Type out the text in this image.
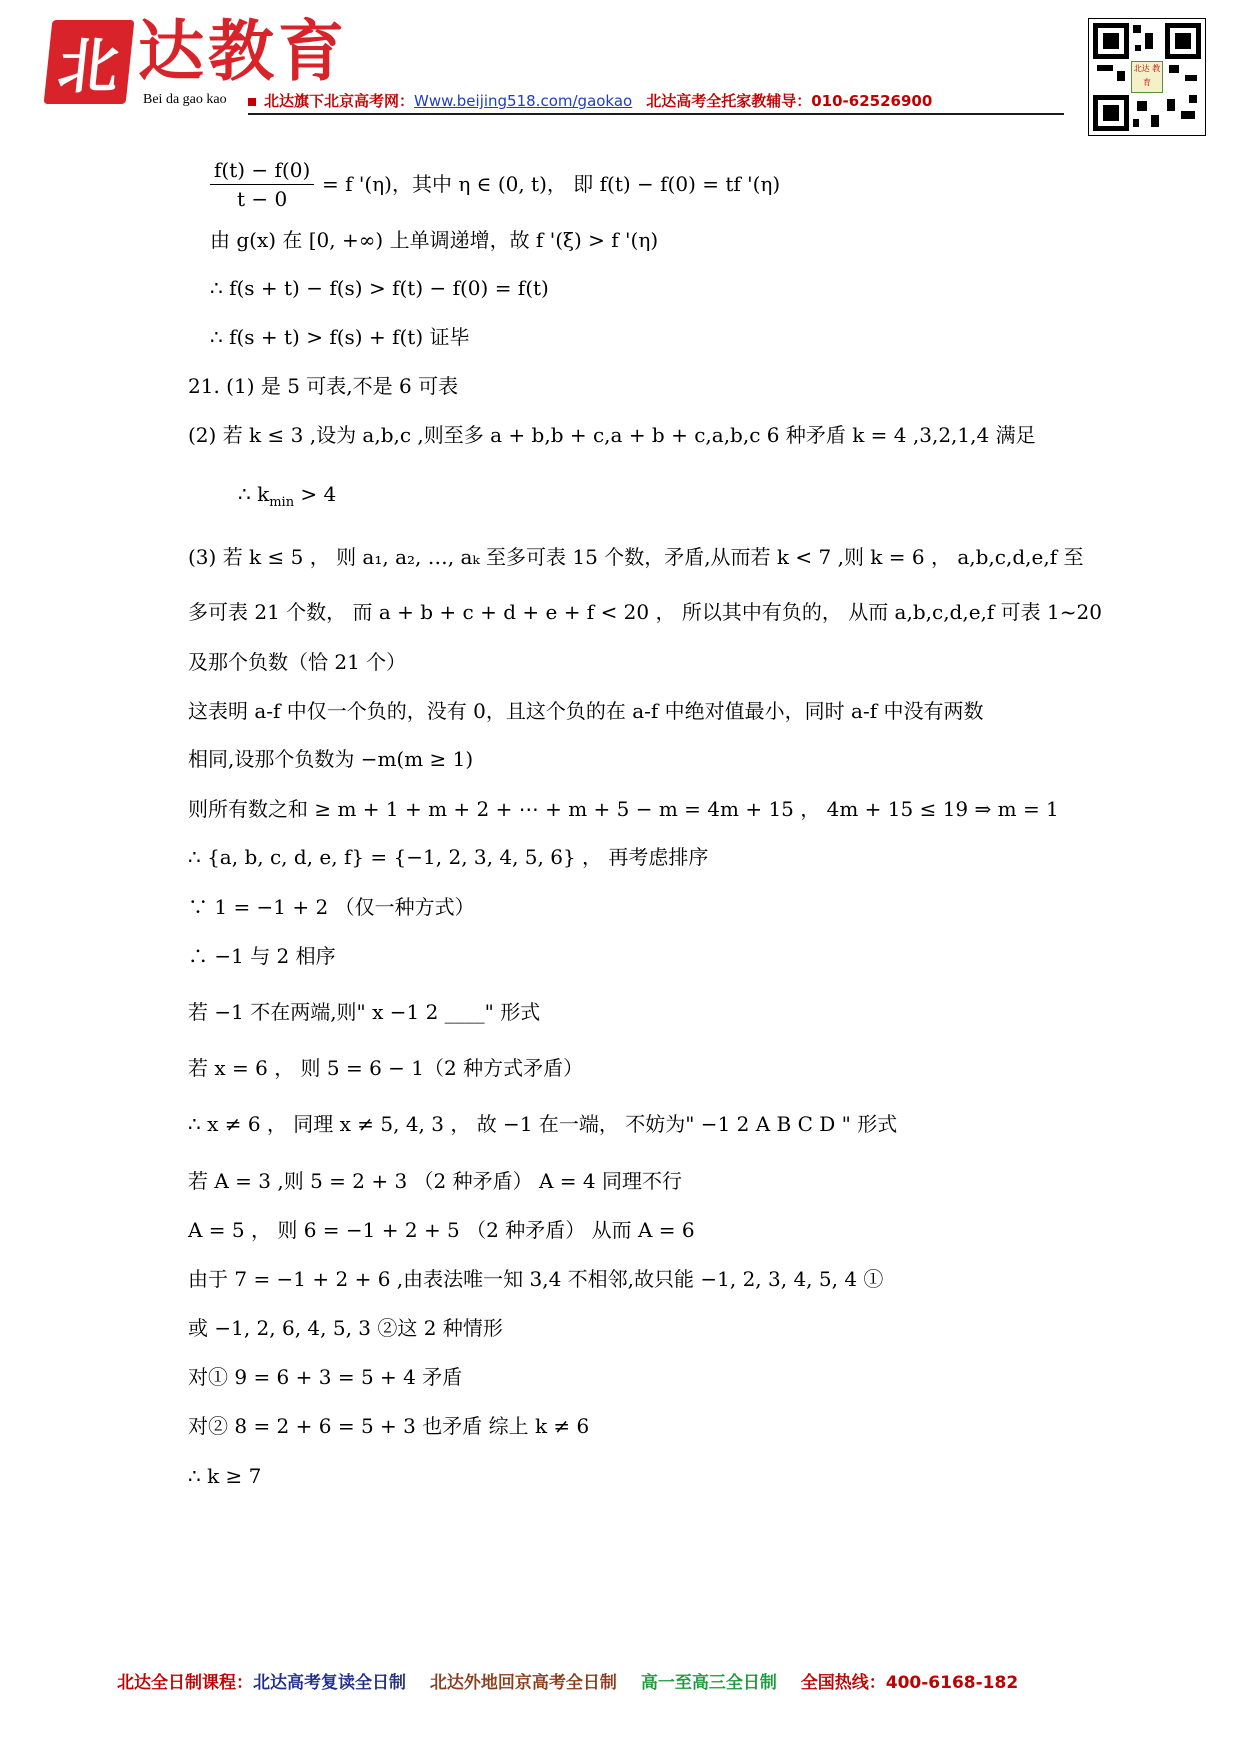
北 达教育
Bei da gao kao	北达旗下北京高考网：Www.beijing518.com/gaokao 北达高考全托家教辅导：010-62526900
北达 教育
$\frac{f(t) - f(0)}{t - 0} = f$ '(η)，其中 η ∈ (0, t)， 即 f(t) − f(0) = tf '(η)
由 g(x) 在 [0, +∞) 上单调递增，故 f '(ξ) > f '(η)
∴ f(s + t) − f(s) > f(t) − f(0) = f(t)
∴ f(s + t) > f(s) + f(t) 证毕
21. (1) 是 5 可表,不是 6 可表
(2) 若 k ≤ 3 ,设为 a,b,c ,则至多 a + b,b + c,a + b + c,a,b,c 6 种矛盾 k = 4 ,3,2,1,4 满足
∴ $k_{min} > 4$
(3) 若 k ≤ 5 ， 则 a₁, a₂, …, aₖ 至多可表 15 个数，矛盾,从而若 k < 7 ,则 k = 6 ， a,b,c,d,e,f 至
多可表 21 个数， 而 a + b + c + d + e + f < 20 ， 所以其中有负的， 从而 a,b,c,d,e,f 可表 1~20
及那个负数（恰 21 个）
这表明 a-f 中仅一个负的，没有 0，且这个负的在 a-f 中绝对值最小，同时 a-f 中没有两数
相同,设那个负数为 −m(m ≥ 1)
则所有数之和 ≥ m + 1 + m + 2 + ⋯ + m + 5 − m = 4m + 15 ， 4m + 15 ≤ 19 ⇒ m = 1
∴ {a, b, c, d, e, f} = {−1, 2, 3, 4, 5, 6} ， 再考虑排序
∵ 1 = −1 + 2 （仅一种方式）
∴ −1 与 2 相序
若 −1 不在两端,则" x −1 2 ____" 形式
若 x = 6 ， 则 5 = 6 − 1（2 种方式矛盾）
∴ x ≠ 6 ， 同理 x ≠ 5, 4, 3 ， 故 −1 在一端， 不妨为" −1 2 A B C D " 形式
若 A = 3 ,则 5 = 2 + 3 （2 种矛盾） A = 4 同理不行
A = 5 ， 则 6 = −1 + 2 + 5 （2 种矛盾） 从而 A = 6
由于 7 = −1 + 2 + 6 ,由表法唯一知 3,4 不相邻,故只能 −1, 2, 3, 4, 5, 4 ①
或 −1, 2, 6, 4, 5, 3 ②这 2 种情形
对① 9 = 6 + 3 = 5 + 4 矛盾
对② 8 = 2 + 6 = 5 + 3 也矛盾 综上 k ≠ 6
∴ k ≥ 7
北达全日制课程：北达高考复读全日制 北达外地回京高考全日制 高一至高三全日制 全国热线：400-6168-182
